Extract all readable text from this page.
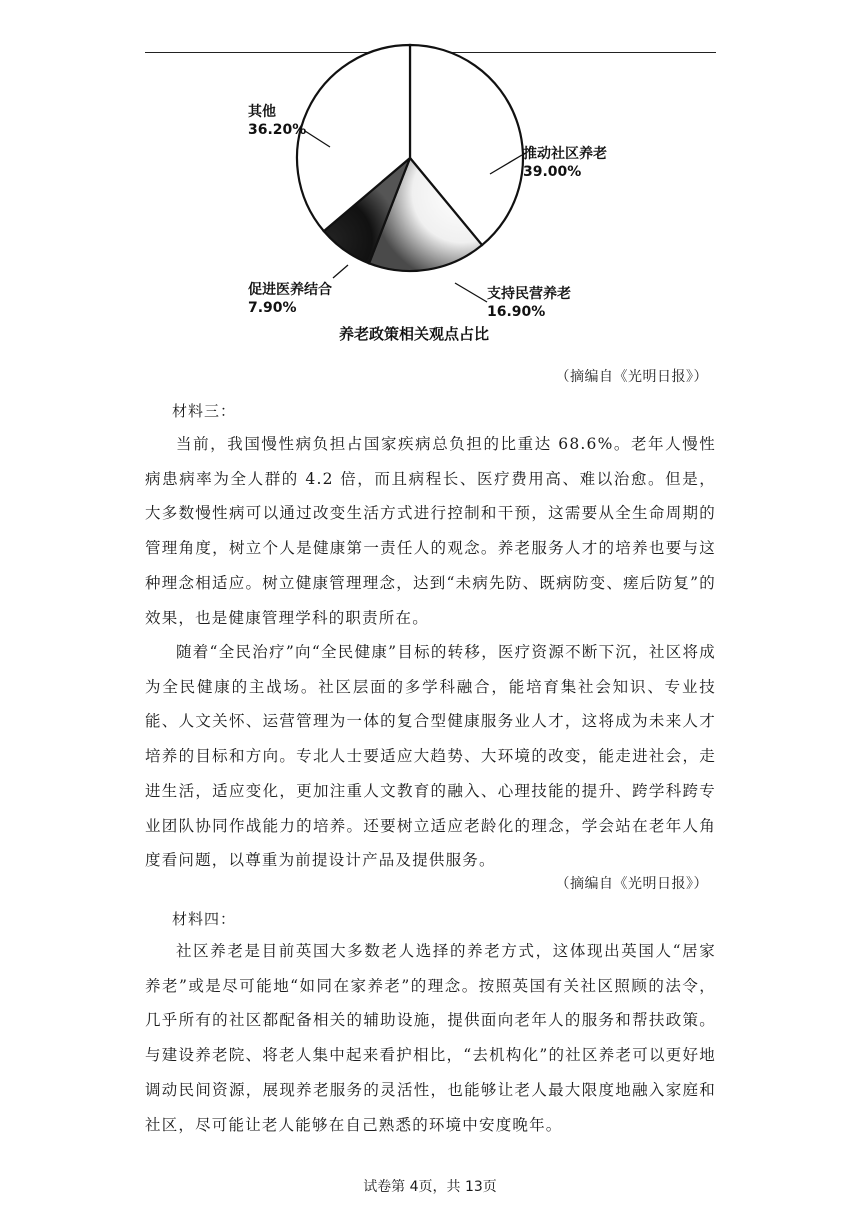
推动社区养老
39.00%
支持民营养老
16.90%
促进医养结合
7.90%
其他
36.20%
养老政策相关观点占比
（摘编自《光明日报》）
材料三：

当前，我国慢性病负担占国家疾病总负担的比重达 68.6%。老年人慢性病患病率为全人群的 4.2 倍，而且病程长、医疗费用高、难以治愈。但是，大多数慢性病可以通过改变生活方式进行控制和干预，这需要从全生命周期的管理角度，树立个人是健康第一责任人的观念。养老服务人才的培养也要与这种理念相适应。树立健康管理理念，达到“未病先防、既病防变、瘥后防复”的效果，也是健康管理学科的职责所在。

随着“全民治疗”向“全民健康”目标的转移，医疗资源不断下沉，社区将成为全民健康的主战场。社区层面的多学科融合，能培育集社会知识、专业技能、人文关怀、运营管理为一体的复合型健康服务业人才，这将成为未来人才培养的目标和方向。专北人士要适应大趋势、大环境的改变，能走进社会，走进生活，适应变化，更加注重人文教育的融入、心理技能的提升、跨学科跨专业团队协同作战能力的培养。还要树立适应老龄化的理念，学会站在老年人角度看问题，以尊重为前提设计产品及提供服务。

（摘编自《光明日报》）
材料四：

社区养老是目前英国大多数老人选择的养老方式，这体现出英国人“居家养老”或是尽可能地“如同在家养老”的理念。按照英国有关社区照顾的法令，几乎所有的社区都配备相关的辅助设施，提供面向老年人的服务和帮扶政策。与建设养老院、将老人集中起来看护相比，“去机构化”的社区养老可以更好地调动民间资源，展现养老服务的灵活性，也能够让老人最大限度地融入家庭和社区，尽可能让老人能够在自己熟悉的环境中安度晚年。

试卷第 4页，共 13页
